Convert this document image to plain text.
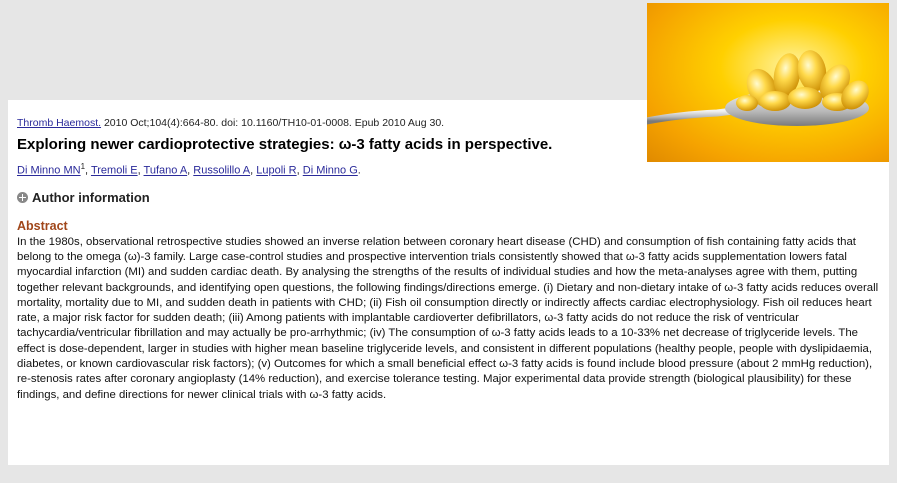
Thromb Haemost. 2010 Oct;104(4):664-80. doi: 10.1160/TH10-01-0008. Epub 2010 Aug 30.
Exploring newer cardioprotective strategies: ω-3 fatty acids in perspective.
Di Minno $MN^1$, Tremoli E, Tufano A, Russolillo A, Lupoli R, Di Minno G.
Author information
Abstract
In the 1980s, observational retrospective studies showed an inverse relation between coronary heart disease (CHD) and consumption of fish containing fatty acids that belong to the omega (ω)-3 family. Large case-control studies and prospective intervention trials consistently showed that ω-3 fatty acids supplementation lowers fatal myocardial infarction (MI) and sudden cardiac death. By analysing the strengths of the results of individual studies and how the meta-analyses agree with them, putting together relevant backgrounds, and identifying open questions, the following findings/directions emerge. (i) Dietary and non-dietary intake of ω-3 fatty acids reduces overall mortality, mortality due to MI, and sudden death in patients with CHD; (ii) Fish oil consumption directly or indirectly affects cardiac electrophysiology. Fish oil reduces heart rate, a major risk factor for sudden death; (iii) Among patients with implantable cardioverter defibrillators, ω-3 fatty acids do not reduce the risk of ventricular tachycardia/ventricular fibrillation and may actually be pro-arrhythmic; (iv) The consumption of ω-3 fatty acids leads to a 10-33% net decrease of triglyceride levels. The effect is dose-dependent, larger in studies with higher mean baseline triglyceride levels, and consistent in different populations (healthy people, people with dyslipidaemia, diabetes, or known cardiovascular risk factors); (v) Outcomes for which a small beneficial effect ω-3 fatty acids is found include blood pressure (about 2 mmHg reduction), re-stenosis rates after coronary angioplasty (14% reduction), and exercise tolerance testing. Major experimental data provide strength (biological plausibility) for these findings, and define directions for newer clinical trials with ω-3 fatty acids.
